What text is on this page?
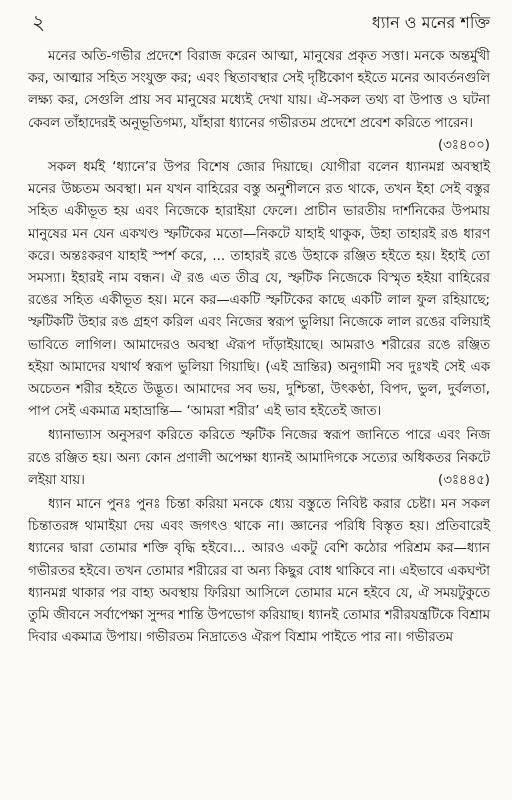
২	ধ্যান ও মনের শক্তি

মনের অতি-গভীর প্রদেশে বিরাজ করেন আত্মা, মানুষের প্রকৃত সত্তা। মনকে অন্তর্মুখী কর, আত্মার সহিত সংযুক্ত কর; এবং স্থিতাবস্থার সেই দৃষ্টিকোণ হইতে মনের আবর্তনগুলি লক্ষ্য কর, সেগুলি প্রায় সব মানুষের মধ্যেই দেখা যায়। ঐ-সকল তথ্য বা উপাত্ত ও ঘটনা কেবল তাঁহাদেরই অনুভূতিগম্য, যাঁহারা ধ্যানের গভীরতম প্রদেশে প্রবেশ করিতে পারেন।
(৩ঃ৪০০)

সকল ধর্মই ‘ধ্যানে’র উপর বিশেষ জোর দিয়াছে। যোগীরা বলেন ধ্যানমগ্ন অবস্থাই মনের উচ্চতম অবস্থা। মন যখন বাহিরের বস্তু অনুশীলনে রত থাকে, তখন ইহা সেই বস্তুর সহিত একীভূত হয় এবং নিজেকে হারাইয়া ফেলে। প্রাচীন ভারতীয় দার্শনিকের উপমায় মানুষের মন যেন একখণ্ড স্ফটিকের মতো—নিকটে যাহাই থাকুক, উহা তাহারই রঙ ধারণ করে। অন্তঃকরণ যাহাই স্পর্শ করে, ... তাহারই রঙে উহাকে রঞ্জিত হইতে হয়। ইহাই তো সমস্যা। ইহারই নাম বন্ধন। ঐ রঙ এত তীব্র যে, স্ফটিক নিজেকে বিস্মৃত হইয়া বাহিরের রঙের সহিত একীভূত হয়। মনে কর—একটি স্ফটিকের কাছে একটি লাল ফুল রহিয়াছে; স্ফটিকটি উহার রঙ গ্রহণ করিল এবং নিজের স্বরূপ ভুলিয়া নিজেকে লাল রঙের বলিয়াই ভাবিতে লাগিল। আমাদেরও অবস্থা ঐরূপ দাঁড়াইয়াছে। আমরাও শরীরের রঙে রঞ্জিত হইয়া আমাদের যথার্থ স্বরূপ ভুলিয়া গিয়াছি। (এই ভ্রান্তির) অনুগামী সব দুঃখই সেই এক অচেতন শরীর হইতে উদ্ভূত। আমাদের সব ভয়, দুশ্চিন্তা, উৎকণ্ঠা, বিপদ, ভুল, দুর্বলতা, পাপ সেই একমাত্র মহাভ্রান্তি— ‘আমরা শরীর’ এই ভাব হইতেই জাত।

ধ্যানাভ্যাস অনুসরণ করিতে করিতে স্ফটিক নিজের স্বরূপ জানিতে পারে এবং নিজ রঙে রঞ্জিত হয়। অন্য কোন প্রণালী অপেক্ষা ধ্যানই আমাদিগকে সত্যের অধিকতর নিকটে লইয়া যায়।	(৩ঃ৪৪৫)

ধ্যান মানে পুনঃ পুনঃ চিন্তা করিয়া মনকে ধ্যেয় বস্তুতে নিবিষ্ট করার চেষ্টা। মন সকল চিন্তাতরঙ্গ থামাইয়া দেয় এবং জগৎও থাকে না। জ্ঞানের পরিধি বিস্তৃত হয়। প্রতিবারেই ধ্যানের দ্বারা তোমার শক্তি বৃদ্ধি হইবে।... আরও একটু বেশি কঠোর পরিশ্রম কর—ধ্যান গভীরতর হইবে। তখন তোমার শরীরের বা অন্য কিছুর বোধ থাকিবে না। এইভাবে একঘণ্টা ধ্যানমগ্ন থাকার পর বাহ্য অবস্থায় ফিরিয়া আসিলে তোমার মনে হইবে যে, ঐ সময়টুকুতে তুমি জীবনে সর্বাপেক্ষা সুন্দর শান্তি উপভোগ করিয়াছ। ধ্যানই তোমার শরীরযন্ত্রটিকে বিশ্রাম দিবার একমাত্র উপায়। গভীরতম নিদ্রাতেও ঐরূপ বিশ্রাম পাইতে পার না। গভীরতম
